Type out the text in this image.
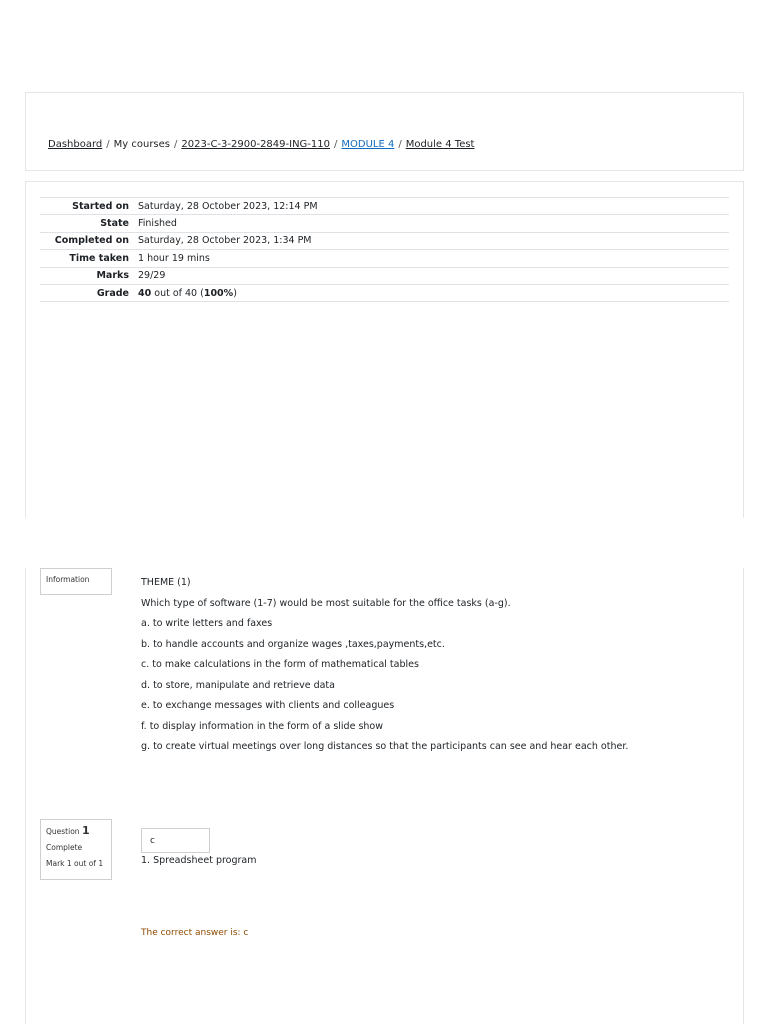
Dashboard / My courses / 2023-C-3-2900-2849-ING-110 / MODULE 4 / Module 4 Test
Started on	Saturday, 28 October 2023, 12:14 PM
State	Finished
Completed on	Saturday, 28 October 2023, 1:34 PM
Time taken	1 hour 19 mins
Marks	29/29
Grade	40 out of 40 (100%)
Information	THEME (1)

Which type of software (1-7) would be most suitable for the office tasks (a-g).

a. to write letters and faxes

b. to handle accounts and organize wages ,taxes,payments,etc.

c. to make calculations in the form of mathematical tables

d. to store, manipulate and retrieve data

e. to exchange messages with clients and colleagues

f. to display information in the form of a slide show

g. to create virtual meetings over long distances so that the participants can see and hear each other.

Question 1
Complete
Mark 1 out of 1
c
1. Spreadsheet program
The correct answer is: c
